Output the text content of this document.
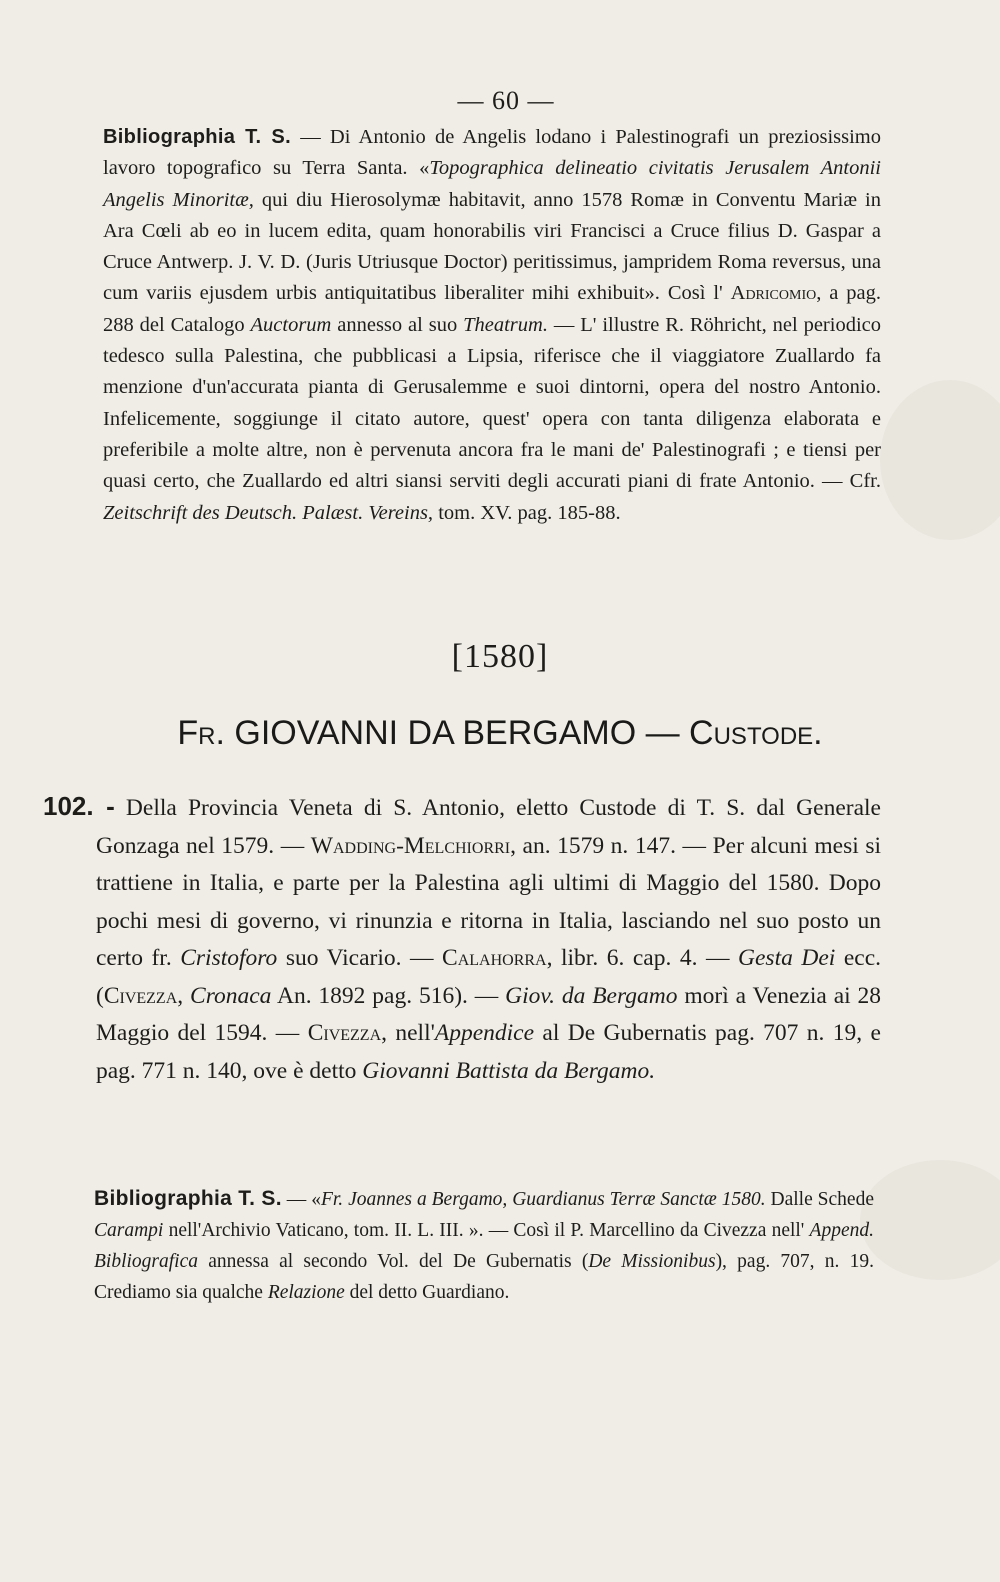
— 60 —

Bibliographia T. S. — Di Antonio de Angelis lodano i Palestinografi un preziosissimo lavoro topografico su Terra Santa. «Topographica delineatio civitatis Jerusalem Antonii Angelis Minoritæ, qui diu Hierosolymæ habitavit, anno 1578 Romæ in Conventu Mariæ in Ara Cœli ab eo in lucem edita, quam honorabilis viri Francisci a Cruce filius D. Gaspar a Cruce Antwerp. J. V. D. (Juris Utriusque Doctor) peritissimus, jampridem Roma reversus, una cum variis ejusdem urbis antiquitatibus liberaliter mihi exhibuit». Così l' Adricomio, a pag. 288 del Catalogo Auctorum annesso al suo Theatrum. — L' illustre R. Röhricht, nel periodico tedesco sulla Palestina, che pubblicasi a Lipsia, riferisce che il viaggiatore Zuallardo fa menzione d'un'accurata pianta di Gerusalemme e suoi dintorni, opera del nostro Antonio. Infelicemente, soggiunge il citato autore, quest' opera con tanta diligenza elaborata e preferibile a molte altre, non è pervenuta ancora fra le mani de' Palestinografi ; e tiensi per quasi certo, che Zuallardo ed altri siansi serviti degli accurati piani di frate Antonio. — Cfr. Zeitschrift des Deutsch. Palæst. Vereins, tom. XV. pag. 185-88.

[1580]
Fr. GIOVANNI DA BERGAMO — Custode.

102. - Della Provincia Veneta di S. Antonio, eletto Custode di T. S. dal Generale Gonzaga nel 1579. — Wadding-Melchiorri, an. 1579 n. 147. — Per alcuni mesi si trattiene in Italia, e parte per la Palestina agli ultimi di Maggio del 1580. Dopo pochi mesi di governo, vi rinunzia e ritorna in Italia, lasciando nel suo posto un certo fr. Cristoforo suo Vicario. — Calahorra, libr. 6. cap. 4. — Gesta Dei ecc. (Civezza, Cronaca An. 1892 pag. 516). — Giov. da Bergamo morì a Venezia ai 28 Maggio del 1594. — Civezza, nell'Appendice al De Gubernatis pag. 707 n. 19, e pag. 771 n. 140, ove è detto Giovanni Battista da Bergamo.

Bibliographia T. S. — «Fr. Joannes a Bergamo, Guardianus Terræ Sanctæ 1580. Dalle Schede Carampi nell'Archivio Vaticano, tom. II. L. III. ». — Così il P. Marcellino da Civezza nell' Append. Bibliografica annessa al secondo Vol. del De Gubernatis (De Missionibus), pag. 707, n. 19. Crediamo sia qualche Relazione del detto Guardiano.
